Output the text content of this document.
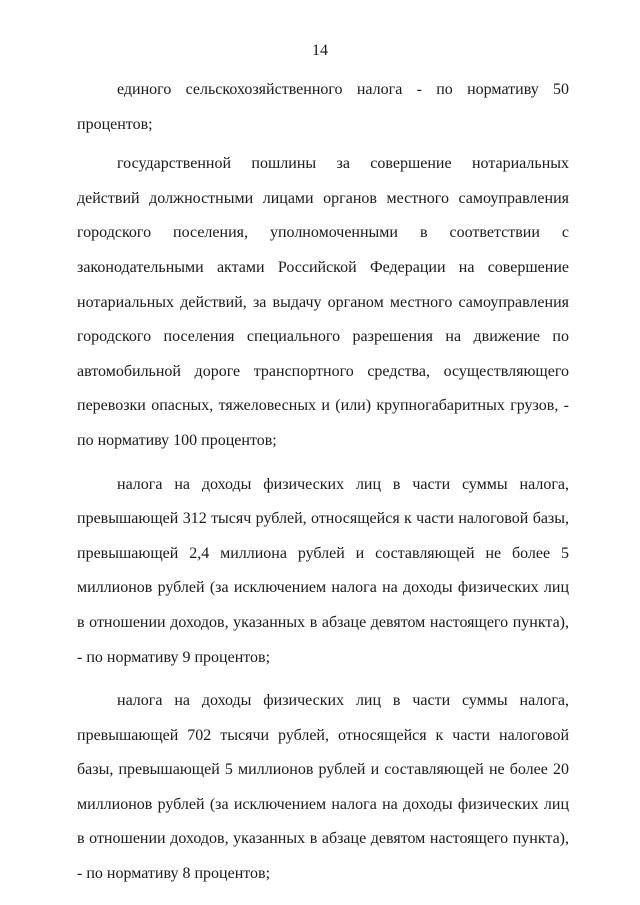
14

единого сельскохозяйственного налога - по нормативу 50 процентов;

государственной пошлины за совершение нотариальных действий должностными лицами органов местного самоуправления городского поселения, уполномоченными в соответствии с законодательными актами Российской Федерации на совершение нотариальных действий, за выдачу органом местного самоуправления городского поселения специального разрешения на движение по автомобильной дороге транспортного средства, осуществляющего перевозки опасных, тяжеловесных и (или) крупногабаритных грузов, - по нормативу 100 процентов;

налога на доходы физических лиц в части суммы налога, превышающей 312 тысяч рублей, относящейся к части налоговой базы, превышающей 2,4 миллиона рублей и составляющей не более 5 миллионов рублей (за исключением налога на доходы физических лиц в отношении доходов, указанных в абзаце девятом настоящего пункта), - по нормативу 9 процентов;

налога на доходы физических лиц в части суммы налога, превышающей 702 тысячи рублей, относящейся к части налоговой базы, превышающей 5 миллионов рублей и составляющей не более 20 миллионов рублей (за исключением налога на доходы физических лиц в отношении доходов, указанных в абзаце девятом настоящего пункта), - по нормативу 8 процентов;
